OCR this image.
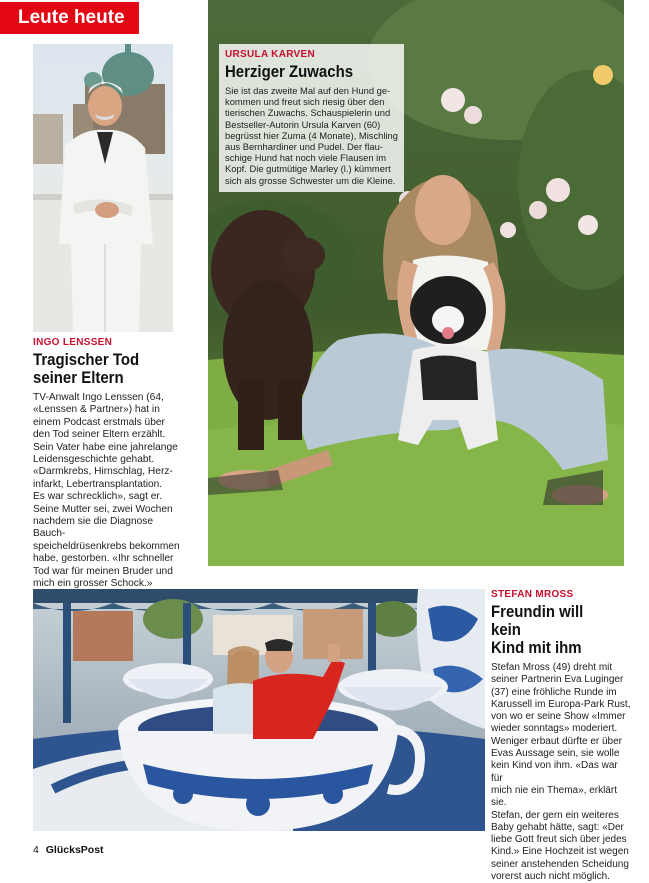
Leute heute
INGO LENSSEN
Tragischer Tod
seiner Eltern
TV-Anwalt Ingo Lenssen (64,
«Lenssen & Partner») hat in
einem Podcast erstmals über
den Tod seiner Eltern erzählt.
Sein Vater habe eine jahrelange
Leidensgeschichte gehabt.
«Darmkrebs, Hirnschlag, Herz-
infarkt, Lebertransplantation.
Es war schrecklich», sagt er.
Seine Mutter sei, zwei Wochen
nachdem sie die Diagnose Bauch-
speicheldrüsenkrebs bekommen
habe, gestorben. «Ihr schneller
Tod war für meinen Bruder und
mich ein grosser Schock.»
URSULA KARVEN
Herziger Zuwachs
Sie ist das zweite Mal auf den Hund ge-
kommen und freut sich riesig über den
tierischen Zuwachs. Schauspielerin und
Bestseller-Autorin Ursula Karven (60)
begrüsst hier Zuma (4 Monate), Mischling
aus Bernhardiner und Pudel. Der flau-
schige Hund hat noch viele Flausen im
Kopf. Die gutmütige Marley (l.) kümmert
sich als grosse Schwester um die Kleine.
STEFAN MROSS
Freundin will kein
Kind mit ihm
Stefan Mross (49) dreht mit
seiner Partnerin Eva Luginger
(37) eine fröhliche Runde im
Karussell im Europa-Park Rust,
von wo er seine Show «Immer
wieder sonntags» moderiert.
Weniger erbaut dürfte er über
Evas Aussage sein, sie wolle
kein Kind von ihm. «Das war für
mich nie ein Thema», erklärt sie.
Stefan, der gern ein weiteres
Baby gehabt hätte, sagt: «Der
liebe Gott freut sich über jedes
Kind.» Eine Hochzeit ist wegen
seiner anstehenden Scheidung
vorerst auch nicht möglich.
4 GlücksPost
